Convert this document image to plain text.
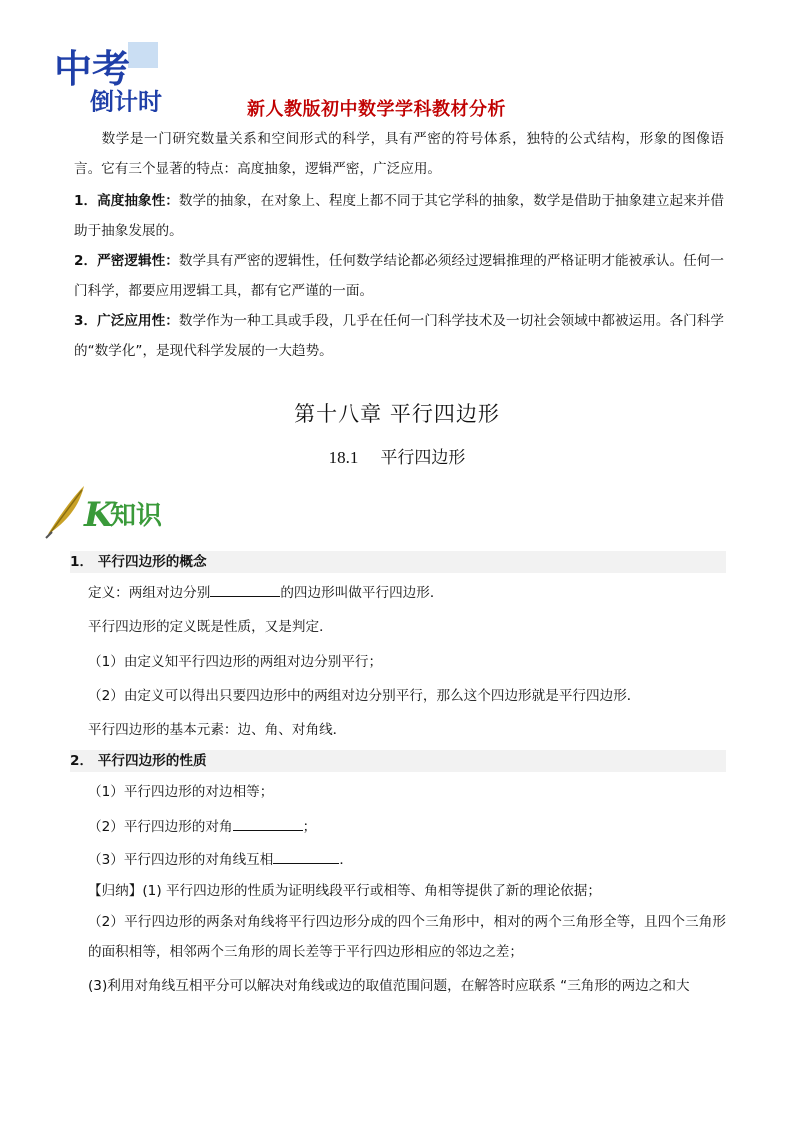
中考
倒计时	新人教版初中数学学科教材分析
数学是一门研究数量关系和空间形式的科学，具有严密的符号体系，独特的公式结构，形象的图像语言。它有三个显著的特点：高度抽象，逻辑严密，广泛应用。
1．高度抽象性：数学的抽象，在对象上、程度上都不同于其它学科的抽象，数学是借助于抽象建立起来并借助于抽象发展的。
2．严密逻辑性：数学具有严密的逻辑性，任何数学结论都必须经过逻辑推理的严格证明才能被承认。任何一门科学，都要应用逻辑工具，都有它严谨的一面。
3．广泛应用性：数学作为一种工具或手段，几乎在任何一门科学技术及一切社会领域中都被运用。各门科学的“数学化”，是现代科学发展的一大趋势。
第十八章 平行四边形
18.1 平行四边形
K
知识
1． 平行四边形的概念
定义：两组对边分别	的四边形叫做平行四边形．
平行四边形的定义既是性质，又是判定．
（1）由定义知平行四边形的两组对边分别平行；
（2）由定义可以得出只要四边形中的两组对边分别平行，那么这个四边形就是平行四边形．
平行四边形的基本元素：边、角、对角线．
2． 平行四边形的性质
（1）平行四边形的对边相等；
（2）平行四边形的对角	；
（3）平行四边形的对角线互相	．
【归纳】(1) 平行四边形的性质为证明线段平行或相等、角相等提供了新的理论依据；
（2）平行四边形的两条对角线将平行四边形分成的四个三角形中，相对的两个三角形全等，且四个三角形的面积相等，相邻两个三角形的周长差等于平行四边形相应的邻边之差；
(3)利用对角线互相平分可以解决对角线或边的取值范围问题，在解答时应联系 “三角形的两边之和大
